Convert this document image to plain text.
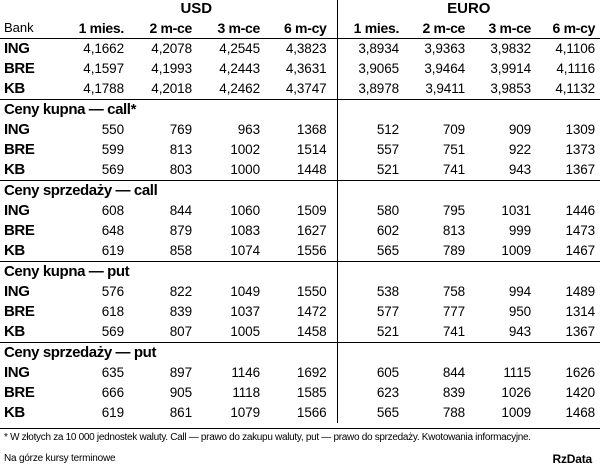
	USD				EURO			
Bank	1 mies.	2 m-ce	3 m-ce	6 m-cy	1 mies.	2 m-ce	3 m-ce	6 m-cy
ING	4,1662	4,2078	4,2545	4,3823	3,8934	3,9363	3,9832	4,1106
BRE	4,1597	4,1993	4,2443	4,3631	3,9065	3,9464	3,9914	4,1116
KB	4,1788	4,2018	4,2462	4,3747	3,8978	3,9411	3,9853	4,1132
Ceny kupna — call*								
ING	550	769	963	1368	512	709	909	1309
BRE	599	813	1002	1514	557	751	922	1373
KB	569	803	1000	1448	521	741	943	1367
Ceny sprzedaży — call								
ING	608	844	1060	1509	580	795	1031	1446
BRE	648	879	1083	1627	602	813	999	1473
KB	619	858	1074	1556	565	789	1009	1467
Ceny kupna — put								
ING	576	822	1049	1550	538	758	994	1489
BRE	618	839	1037	1472	577	777	950	1314
KB	569	807	1005	1458	521	741	943	1367
Ceny sprzedaży — put								
ING	635	897	1146	1692	605	844	1115	1626
BRE	666	905	1118	1585	623	839	1026	1420
KB	619	861	1079	1566	565	788	1009	1468
* W złotych za 10 000 jednostek waluty. Call — prawo do zakupu waluty, put — prawo do sprzedaży. Kwotowania informacyjne.
Na górze kursy terminowe	RzData
